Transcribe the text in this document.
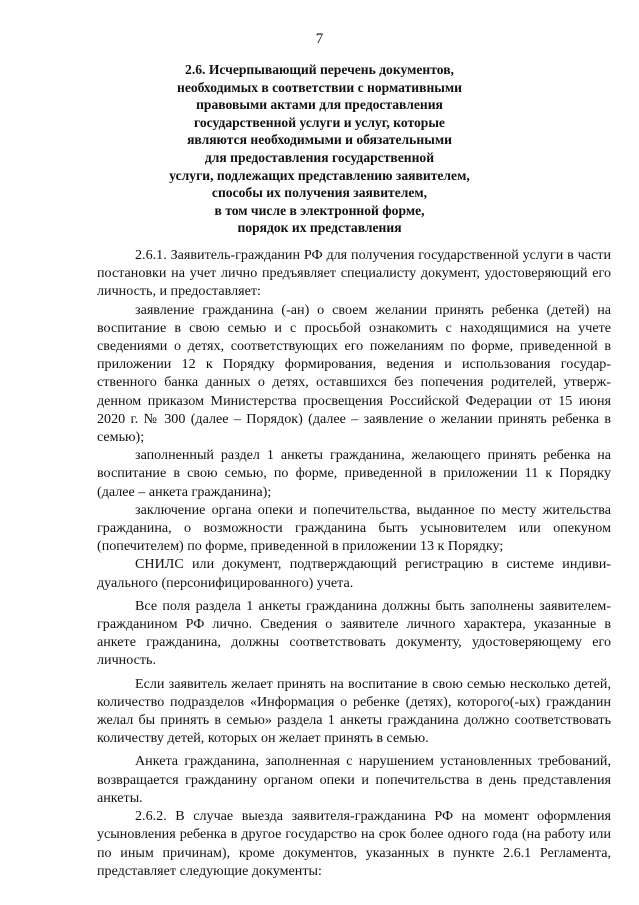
7
2.6. Исчерпывающий перечень документов,
необходимых в соответствии с нормативными
правовыми актами для предоставления
государственной услуги и услуг, которые
являются необходимыми и обязательными
для предоставления государственной
услуги, подлежащих представлению заявителем,
способы их получения заявителем,
в том числе в электронной форме,
порядок их представления

2.6.1. Заявитель-гражданин РФ для получения государственной услуги в части постановки на учет лично предъявляет специалисту документ, удостоверяющий его личность, и предоставляет:

заявление гражданина (-ан) о своем желании принять ребенка (детей) на воспитание в свою семью и с просьбой ознакомить с находящимися на учете сведениями о детях, соответствующих его пожеланиям по форме, приведенной в приложении 12 к Порядку формирования, ведения и использования государственного банка данных о детях, оставшихся без попечения родителей, утвержденном приказом Министерства просвещения Российской Федерации от 15 июня 2020 г. № 300 (далее – Порядок) (далее – заявление о желании принять ребенка в семью);

заполненный раздел 1 анкеты гражданина, желающего принять ребенка на воспитание в свою семью, по форме, приведенной в приложении 11 к Порядку (далее – анкета гражданина);

заключение органа опеки и попечительства, выданное по месту жительства гражданина, о возможности гражданина быть усыновителем или опекуном (попечителем) по форме, приведенной в приложении 13 к Порядку;

СНИЛС или документ, подтверждающий регистрацию в системе индивидуального (персонифицированного) учета.

Все поля раздела 1 анкеты гражданина должны быть заполнены заявителем-гражданином РФ лично. Сведения о заявителе личного характера, указанные в анкете гражданина, должны соответствовать документу, удостоверяющему его личность.

Если заявитель желает принять на воспитание в свою семью несколько детей, количество подразделов «Информация о ребенке (детях), которого(-ых) гражданин желал бы принять в семью» раздела 1 анкеты гражданина должно соответствовать количеству детей, которых он желает принять в семью.

Анкета гражданина, заполненная с нарушением установленных требований, возвращается гражданину органом опеки и попечительства в день представления анкеты.

2.6.2. В случае выезда заявителя-гражданина РФ на момент оформления усыновления ребенка в другое государство на срок более одного года (на работу или по иным причинам), кроме документов, указанных в пункте 2.6.1 Регламента, представляет следующие документы:
